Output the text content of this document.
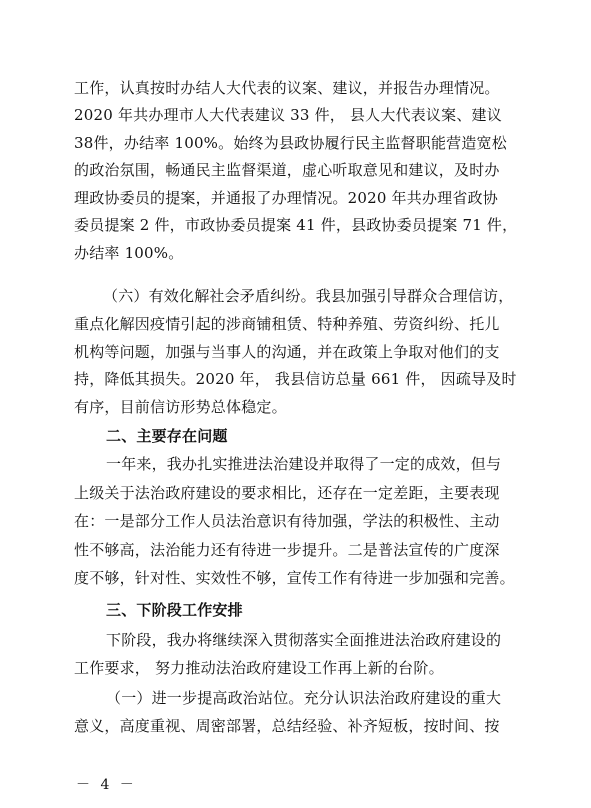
工作，认真按时办结人大代表的议案、建议，并报告办理情况。
2020 年共办理市人大代表建议 33 件， 县人大代表议案、建议
38件，办结率 100%。始终为县政协履行民主监督职能营造宽松
的政治氛围，畅通民主监督渠道，虚心听取意见和建议，及时办
理政协委员的提案，并通报了办理情况。2020 年共办理省政协
委员提案 2 件，市政协委员提案 41 件，县政协委员提案 71 件，
办结率 100%。
（六）有效化解社会矛盾纠纷。我县加强引导群众合理信访，
重点化解因疫情引起的涉商铺租赁、特种养殖、劳资纠纷、托儿
机构等问题，加强与当事人的沟通，并在政策上争取对他们的支
持，降低其损失。2020 年， 我县信访总量 661 件， 因疏导及时
有序，目前信访形势总体稳定。
二、主要存在问题
一年来，我办扎实推进法治建设并取得了一定的成效，但与
上级关于法治政府建设的要求相比，还存在一定差距，主要表现
在：一是部分工作人员法治意识有待加强，学法的积极性、主动
性不够高，法治能力还有待进一步提升。二是普法宣传的广度深
度不够，针对性、实效性不够，宣传工作有待进一步加强和完善。
三、下阶段工作安排
下阶段，我办将继续深入贯彻落实全面推进法治政府建设的
工作要求， 努力推动法治政府建设工作再上新的台阶。
（一）进一步提高政治站位。充分认识法治政府建设的重大
意义，高度重视、周密部署，总结经验、补齐短板，按时间、按
－ 4 －
